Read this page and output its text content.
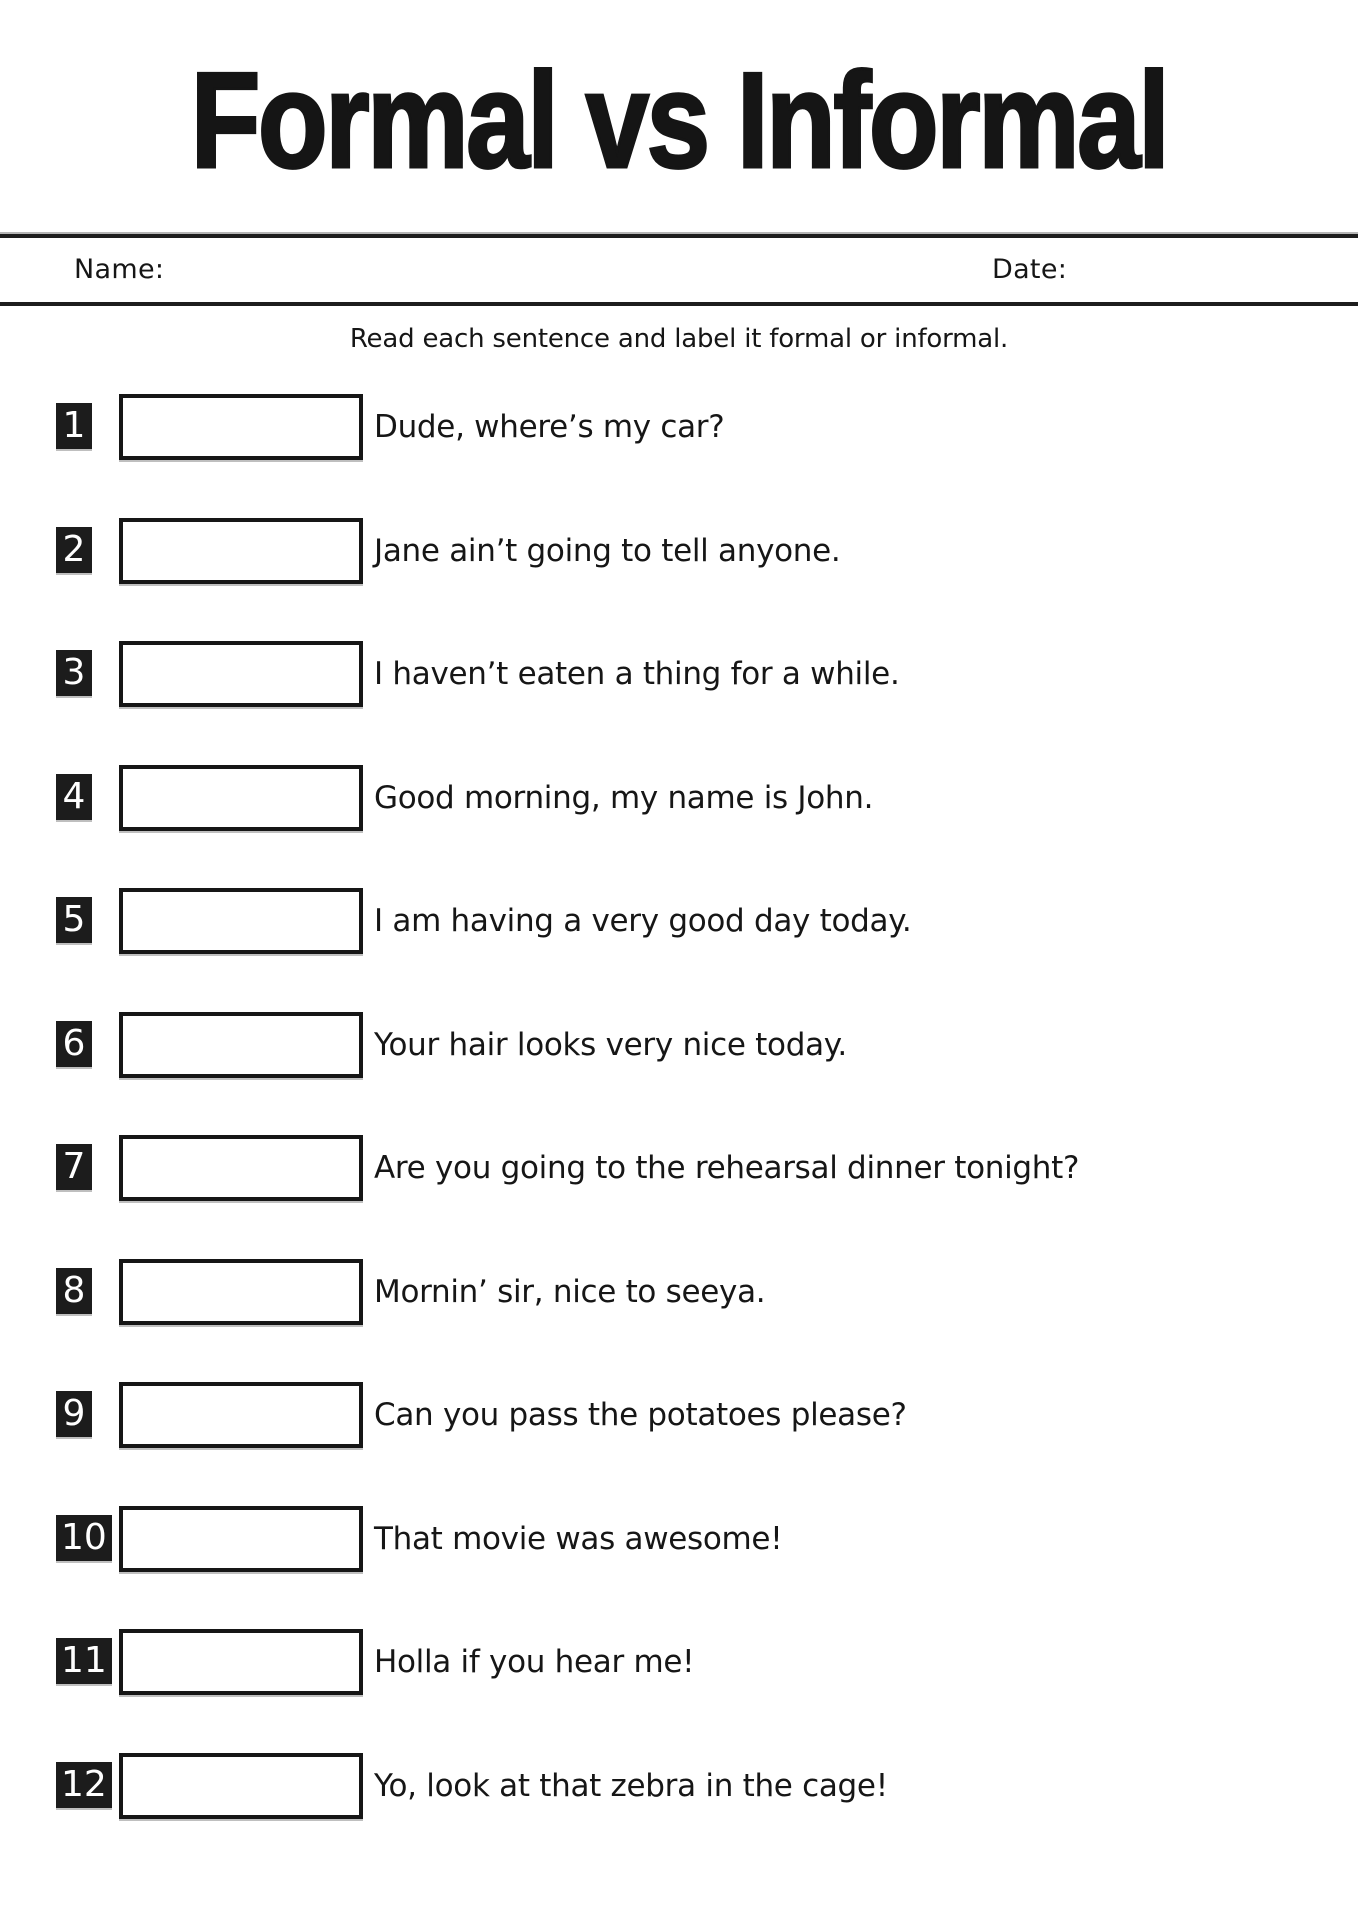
Formal vs Informal
Name:	Date:
Read each sentence and label it formal or informal.
1	Dude, where’s my car?
2	Jane ain’t going to tell anyone.
3	I haven’t eaten a thing for a while.
4	Good morning, my name is John.
5	I am having a very good day today.
6	Your hair looks very nice today.
7	Are you going to the rehearsal dinner tonight?
8	Mornin’ sir, nice to seeya.
9	Can you pass the potatoes please?
10	That movie was awesome!
11	Holla if you hear me!
12	Yo, look at that zebra in the cage!
